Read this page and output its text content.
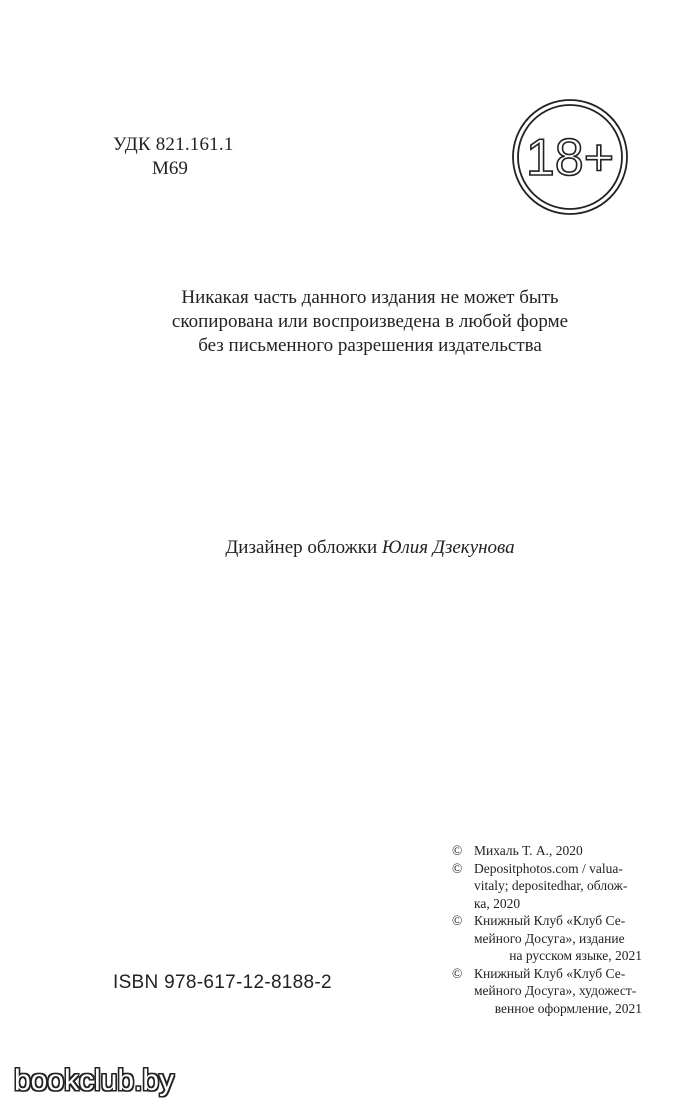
УДК 821.161.1
М69	18+
Никакая часть данного издания не может быть
скопирована или воспроизведена в любой форме
без письменного разрешения издательства
Дизайнер обложки Юлия Дзекунова
© Михаль Т. А., 2020
© Depositphotos.com / valua-
vitaly; depositedhar, облож-
ка, 2020
© Книжный Клуб «Клуб Се-
мейного Досуга», издание
на русском языке, 2021
© Книжный Клуб «Клуб Се-
мейного Досуга», художест-
венное оформление, 2021
ISBN 978-617-12-8188-2
bookclub.by
